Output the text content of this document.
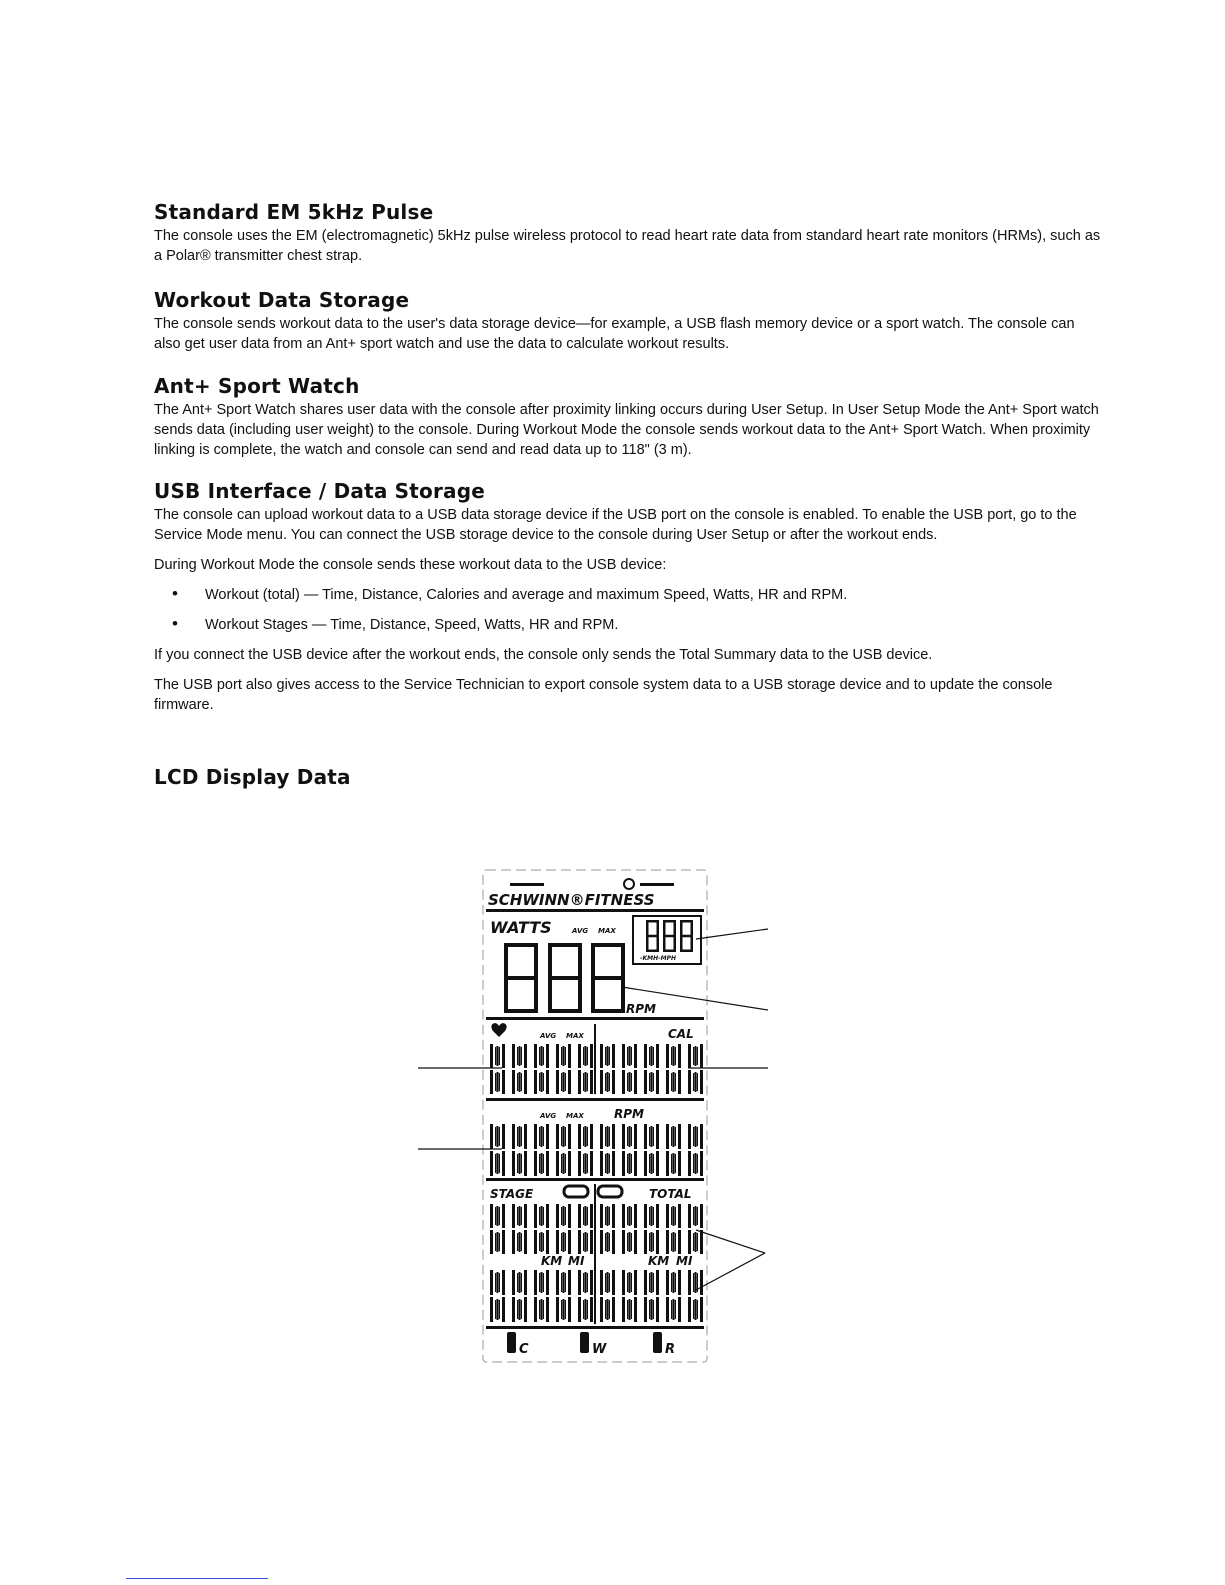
Standard EM 5kHz Pulse

The console uses the EM (electromagnetic) 5kHz pulse wireless protocol to read heart rate data from standard heart rate monitors (HRMs), such as a Polar® transmitter chest strap.

Workout Data Storage

The console sends workout data to the user's data storage device—for example, a USB flash memory device or a sport watch. The console can also get user data from an Ant+ sport watch and use the data to calculate workout results.

Ant+ Sport Watch

The Ant+ Sport Watch shares user data with the console after proximity linking occurs during User Setup. In User Setup Mode the Ant+ Sport watch sends data (including user weight) to the console. During Workout Mode the console sends workout data to the Ant+ Sport Watch. When proximity linking is complete, the watch and console can send and read data up to 118" (3 m).

USB Interface / Data Storage

The console can upload workout data to a USB data storage device if the USB port on the console is enabled. To enable the USB port, go to the Service Mode menu. You can connect the USB storage device to the console during User Setup or after the workout ends.

During Workout Mode the console sends these workout data to the USB device:

• Workout (total) — Time, Distance, Calories and average and maximum Speed, Watts, HR and RPM.
• Workout Stages — Time, Distance, Speed, Watts, HR and RPM.

If you connect the USB device after the workout ends, the console only sends the Total Summary data to the USB device.

The USB port also gives access to the Service Technician to export console system data to a USB storage device and to update the console firmware.

LCD Display Data
SCHWINN®FITNESS
WATTS	AVG MAX
-KMH-MPH
RPM
AVG MAX	CAL
AVG MAX	RPM
STAGE	TOTAL
KM MI	KM MI
C	W	R
